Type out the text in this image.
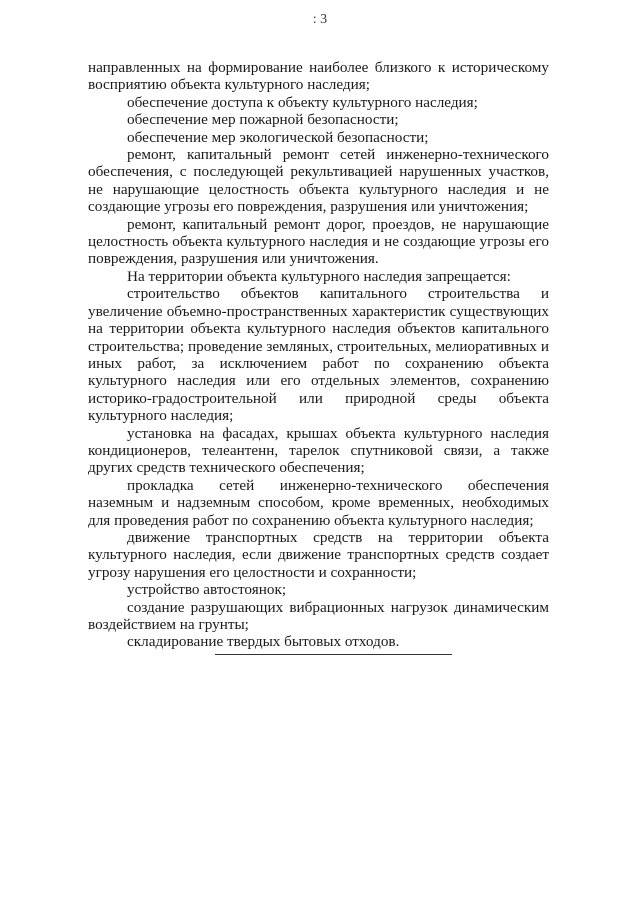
: 3

направленных на формирование наиболее близкого к историческому восприятию объекта культурного наследия;

обеспечение доступа к объекту культурного наследия;

обеспечение мер пожарной безопасности;

обеспечение мер экологической безопасности;

ремонт, капитальный ремонт сетей инженерно-технического обеспечения, с последующей рекультивацией нарушенных участков, не нарушающие целостность объекта культурного наследия и не создающие угрозы его повреждения, разрушения или уничтожения;

ремонт, капитальный ремонт дорог, проездов, не нарушающие целостность объекта культурного наследия и не создающие угрозы его повреждения, разрушения или уничтожения.

На территории объекта культурного наследия запрещается:

строительство объектов капитального строительства и увеличение объемно-пространственных характеристик существующих на территории объекта культурного наследия объектов капитального строительства; проведение земляных, строительных, мелиоративных и иных работ, за исключением работ по сохранению объекта культурного наследия или его отдельных элементов, сохранению историко-градостроительной или природной среды объекта культурного наследия;

установка на фасадах, крышах объекта культурного наследия кондиционеров, телеантенн, тарелок спутниковой связи, а также других средств технического обеспечения;

прокладка сетей инженерно-технического обеспечения наземным и надземным способом, кроме временных, необходимых для проведения работ по сохранению объекта культурного наследия;

движение транспортных средств на территории объекта культурного наследия, если движение транспортных средств создает угрозу нарушения его целостности и сохранности;

устройство автостоянок;

создание разрушающих вибрационных нагрузок динамическим воздействием на грунты;

складирование твердых бытовых отходов.
